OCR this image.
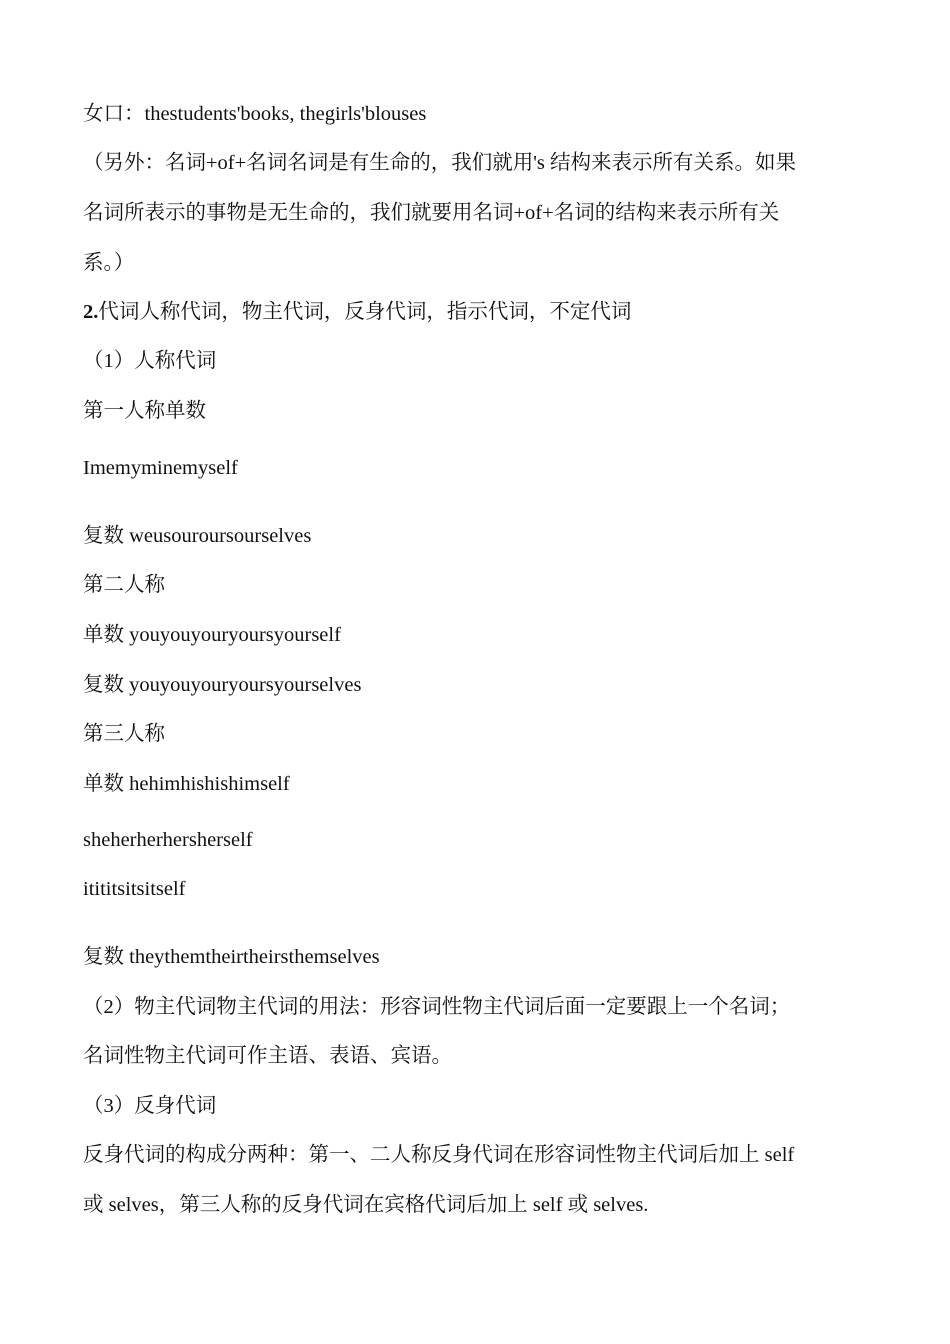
女口：thestudents'books, thegirls'blouses
（另外：名词+of+名词名词是有生命的，我们就用's 结构来表示所有关系。如果
名词所表示的事物是无生命的，我们就要用名词+of+名词的结构来表示所有关
系。）
2.代词人称代词，物主代词，反身代词，指示代词，不定代词
（1）人称代词
第一人称单数
Imemyminemyself
复数 weusouroursourselves
第二人称
单数 youyouyouryoursyourself
复数 youyouyouryoursyourselves
第三人称
单数 hehimhishishimself
sheherherhersherself
itititsitsitself
复数 theythemtheirtheirsthemselves
（2）物主代词物主代词的用法：形容词性物主代词后面一定要跟上一个名词；
名词性物主代词可作主语、表语、宾语。
（3）反身代词
反身代词的构成分两种：第一、二人称反身代词在形容词性物主代词后加上 self
或 selves，第三人称的反身代词在宾格代词后加上 self 或 selves.
